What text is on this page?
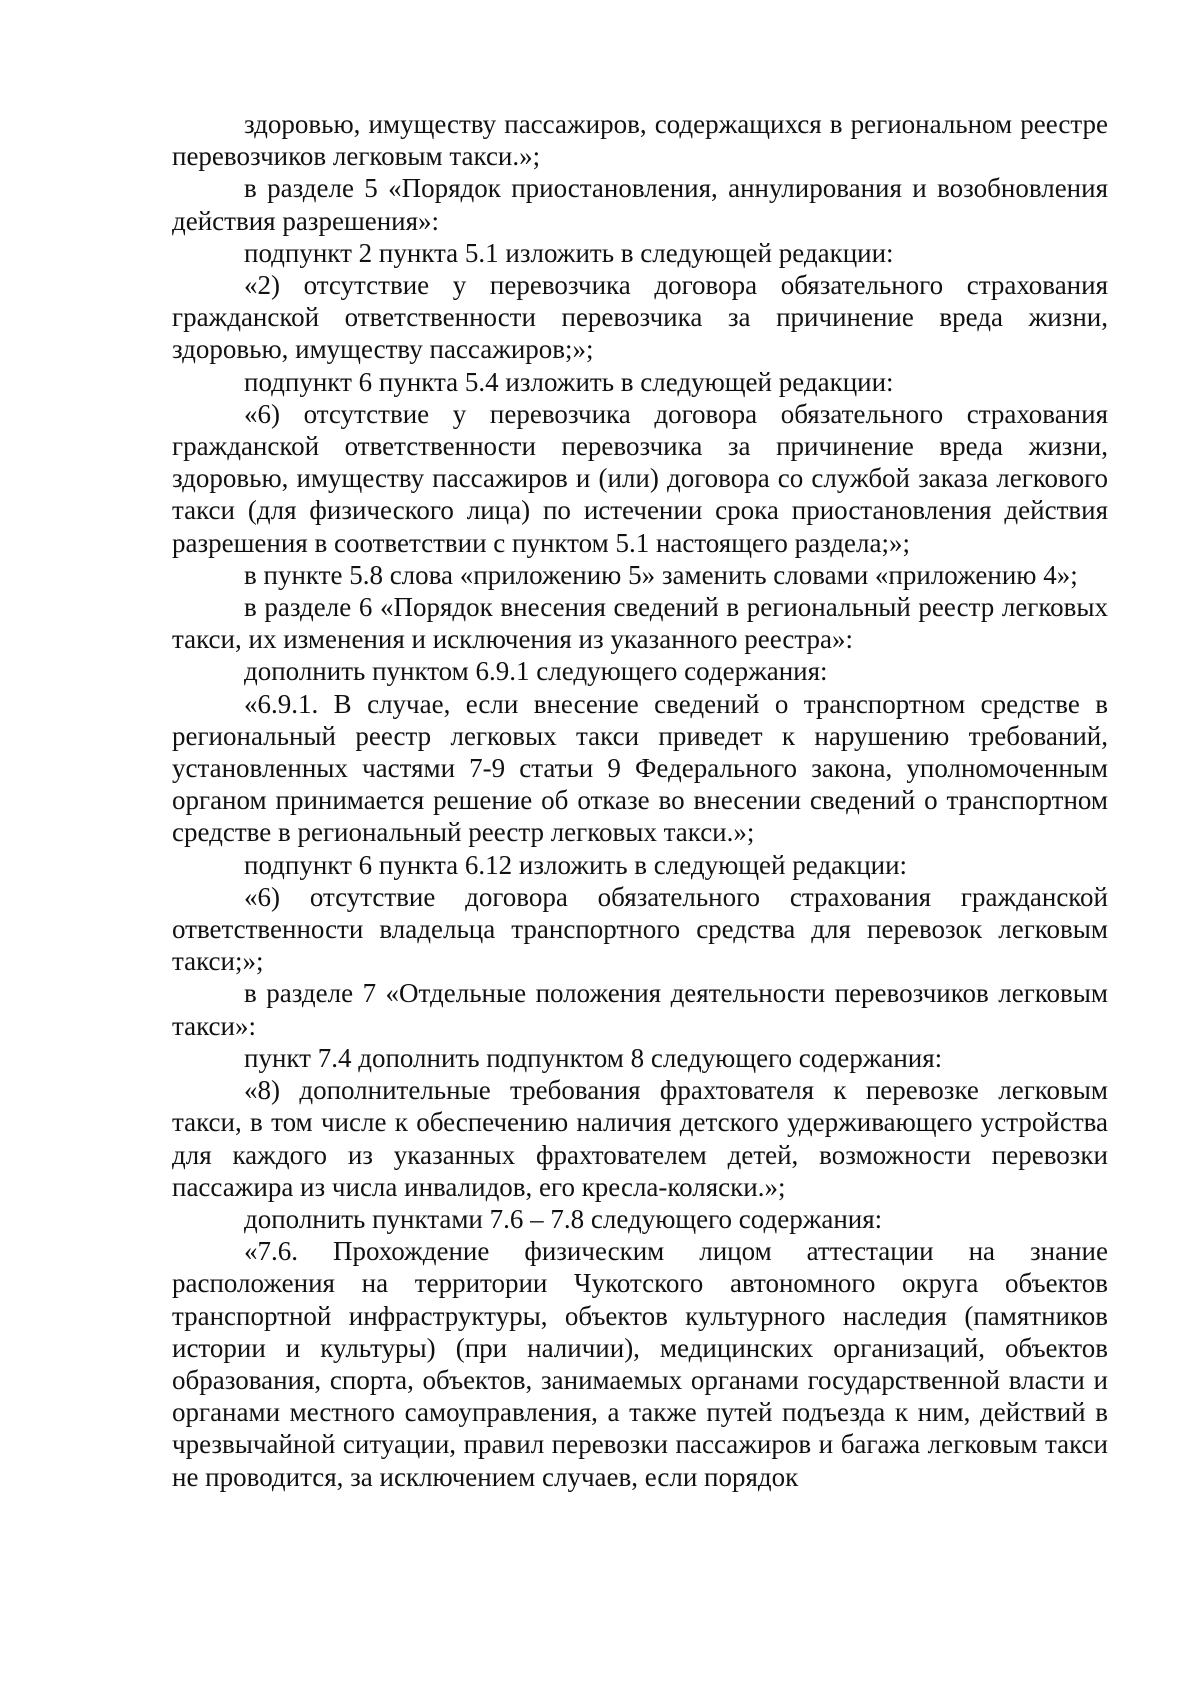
здоровью, имуществу пассажиров, содержащихся в региональном реестре перевозчиков легковым такси.»;

в разделе 5 «Порядок приостановления, аннулирования и возобновления действия разрешения»:

подпункт 2 пункта 5.1 изложить в следующей редакции:

«2) отсутствие у перевозчика договора обязательного страхования гражданской ответственности перевозчика за причинение вреда жизни, здоровью, имуществу пассажиров;»;

подпункт 6 пункта 5.4 изложить в следующей редакции:

«6) отсутствие у перевозчика договора обязательного страхования гражданской ответственности перевозчика за причинение вреда жизни, здоровью, имуществу пассажиров и (или) договора со службой заказа легкового такси (для физического лица) по истечении срока приостановления действия разрешения в соответствии с пунктом 5.1 настоящего раздела;»;

в пункте 5.8 слова «приложению 5» заменить словами «приложению 4»;

в разделе 6 «Порядок внесения сведений в региональный реестр легковых такси, их изменения и исключения из указанного реестра»:

дополнить пунктом 6.9.1 следующего содержания:

«6.9.1. В случае, если внесение сведений о транспортном средстве в региональный реестр легковых такси приведет к нарушению требований, установленных частями 7-9 статьи 9 Федерального закона, уполномоченным органом принимается решение об отказе во внесении сведений о транспортном средстве в региональный реестр легковых такси.»;

подпункт 6 пункта 6.12 изложить в следующей редакции:

«6) отсутствие договора обязательного страхования гражданской ответственности владельца транспортного средства для перевозок легковым такси;»;

в разделе 7 «Отдельные положения деятельности перевозчиков легковым такси»:

пункт 7.4 дополнить подпунктом 8 следующего содержания:

«8) дополнительные требования фрахтователя к перевозке легковым такси, в том числе к обеспечению наличия детского удерживающего устройства для каждого из указанных фрахтователем детей, возможности перевозки пассажира из числа инвалидов, его кресла-коляски.»;

дополнить пунктами 7.6 – 7.8 следующего содержания:

«7.6. Прохождение физическим лицом аттестации на знание расположения на территории Чукотского автономного округа объектов транспортной инфраструктуры, объектов культурного наследия (памятников истории и культуры) (при наличии), медицинских организаций, объектов образования, спорта, объектов, занимаемых органами государственной власти и органами местного самоуправления, а также путей подъезда к ним, действий в чрезвычайной ситуации, правил перевозки пассажиров и багажа легковым такси не проводится, за исключением случаев, если порядок
